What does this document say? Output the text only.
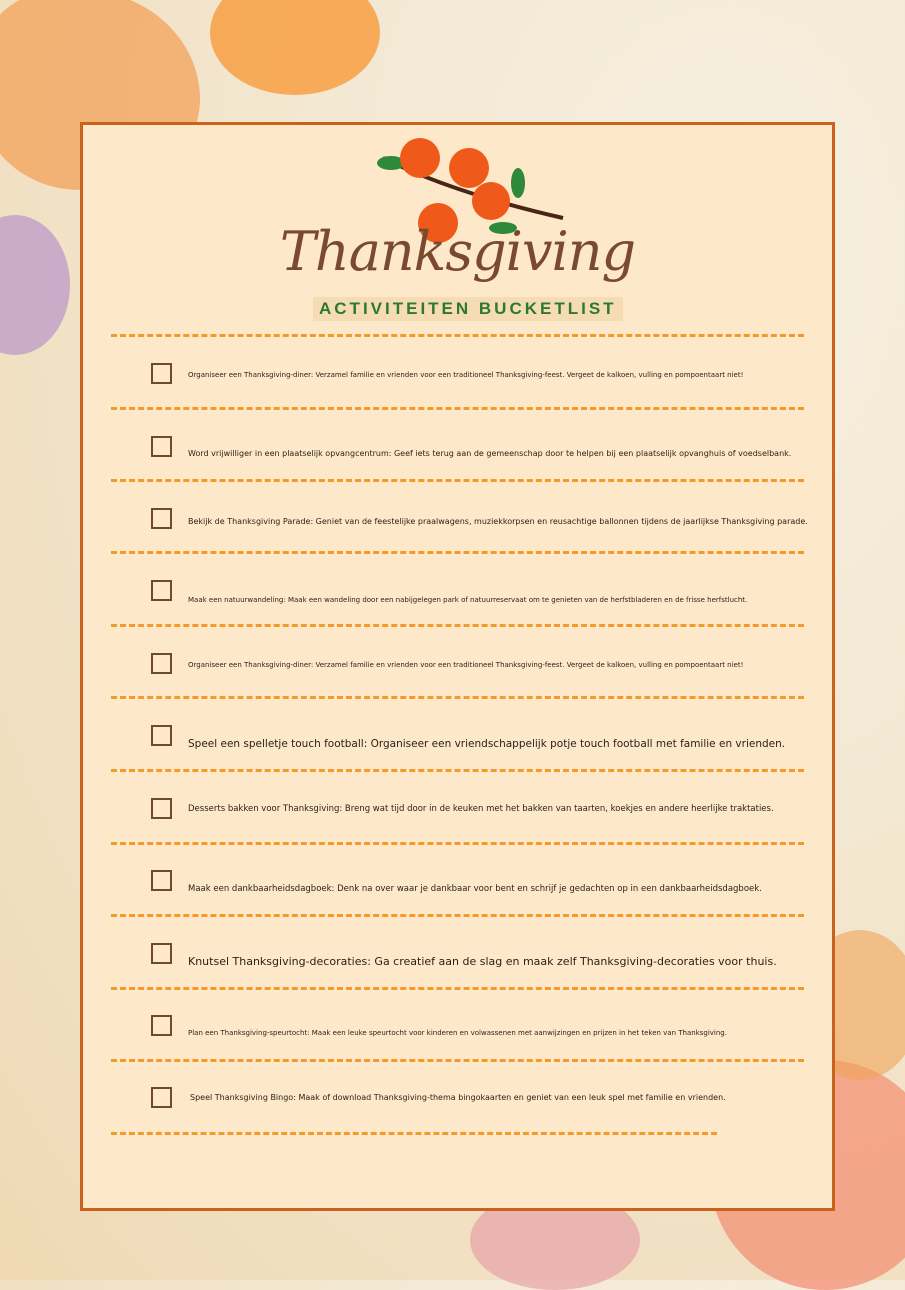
Thanksgiving
ACTIVITEITEN BUCKETLIST
Organiseer een Thanksgiving-diner: Verzamel familie en vrienden voor een traditioneel Thanksgiving-feest. Vergeet de kalkoen, vulling en pompoentaart niet!
Word vrijwilliger in een plaatselijk opvangcentrum: Geef iets terug aan de gemeenschap door te helpen bij een plaatselijk opvanghuis of voedselbank.
Bekijk de Thanksgiving Parade: Geniet van de feestelijke praalwagens, muziekkorpsen en reusachtige ballonnen tijdens de jaarlijkse Thanksgiving parade.
Maak een natuurwandeling: Maak een wandeling door een nabijgelegen park of natuurreservaat om te genieten van de herfstbladeren en de frisse herfstlucht.
Organiseer een Thanksgiving-diner: Verzamel familie en vrienden voor een traditioneel Thanksgiving-feest. Vergeet de kalkoen, vulling en pompoentaart niet!
Speel een spelletje touch football: Organiseer een vriendschappelijk potje touch football met familie en vrienden.
Desserts bakken voor Thanksgiving: Breng wat tijd door in de keuken met het bakken van taarten, koekjes en andere heerlijke traktaties.
Maak een dankbaarheidsdagboek: Denk na over waar je dankbaar voor bent en schrijf je gedachten op in een dankbaarheidsdagboek.
Knutsel Thanksgiving-decoraties: Ga creatief aan de slag en maak zelf Thanksgiving-decoraties voor thuis.
Plan een Thanksgiving-speurtocht: Maak een leuke speurtocht voor kinderen en volwassenen met aanwijzingen en prijzen in het teken van Thanksgiving.
Speel Thanksgiving Bingo: Maak of download Thanksgiving-thema bingokaarten en geniet van een leuk spel met familie en vrienden.
